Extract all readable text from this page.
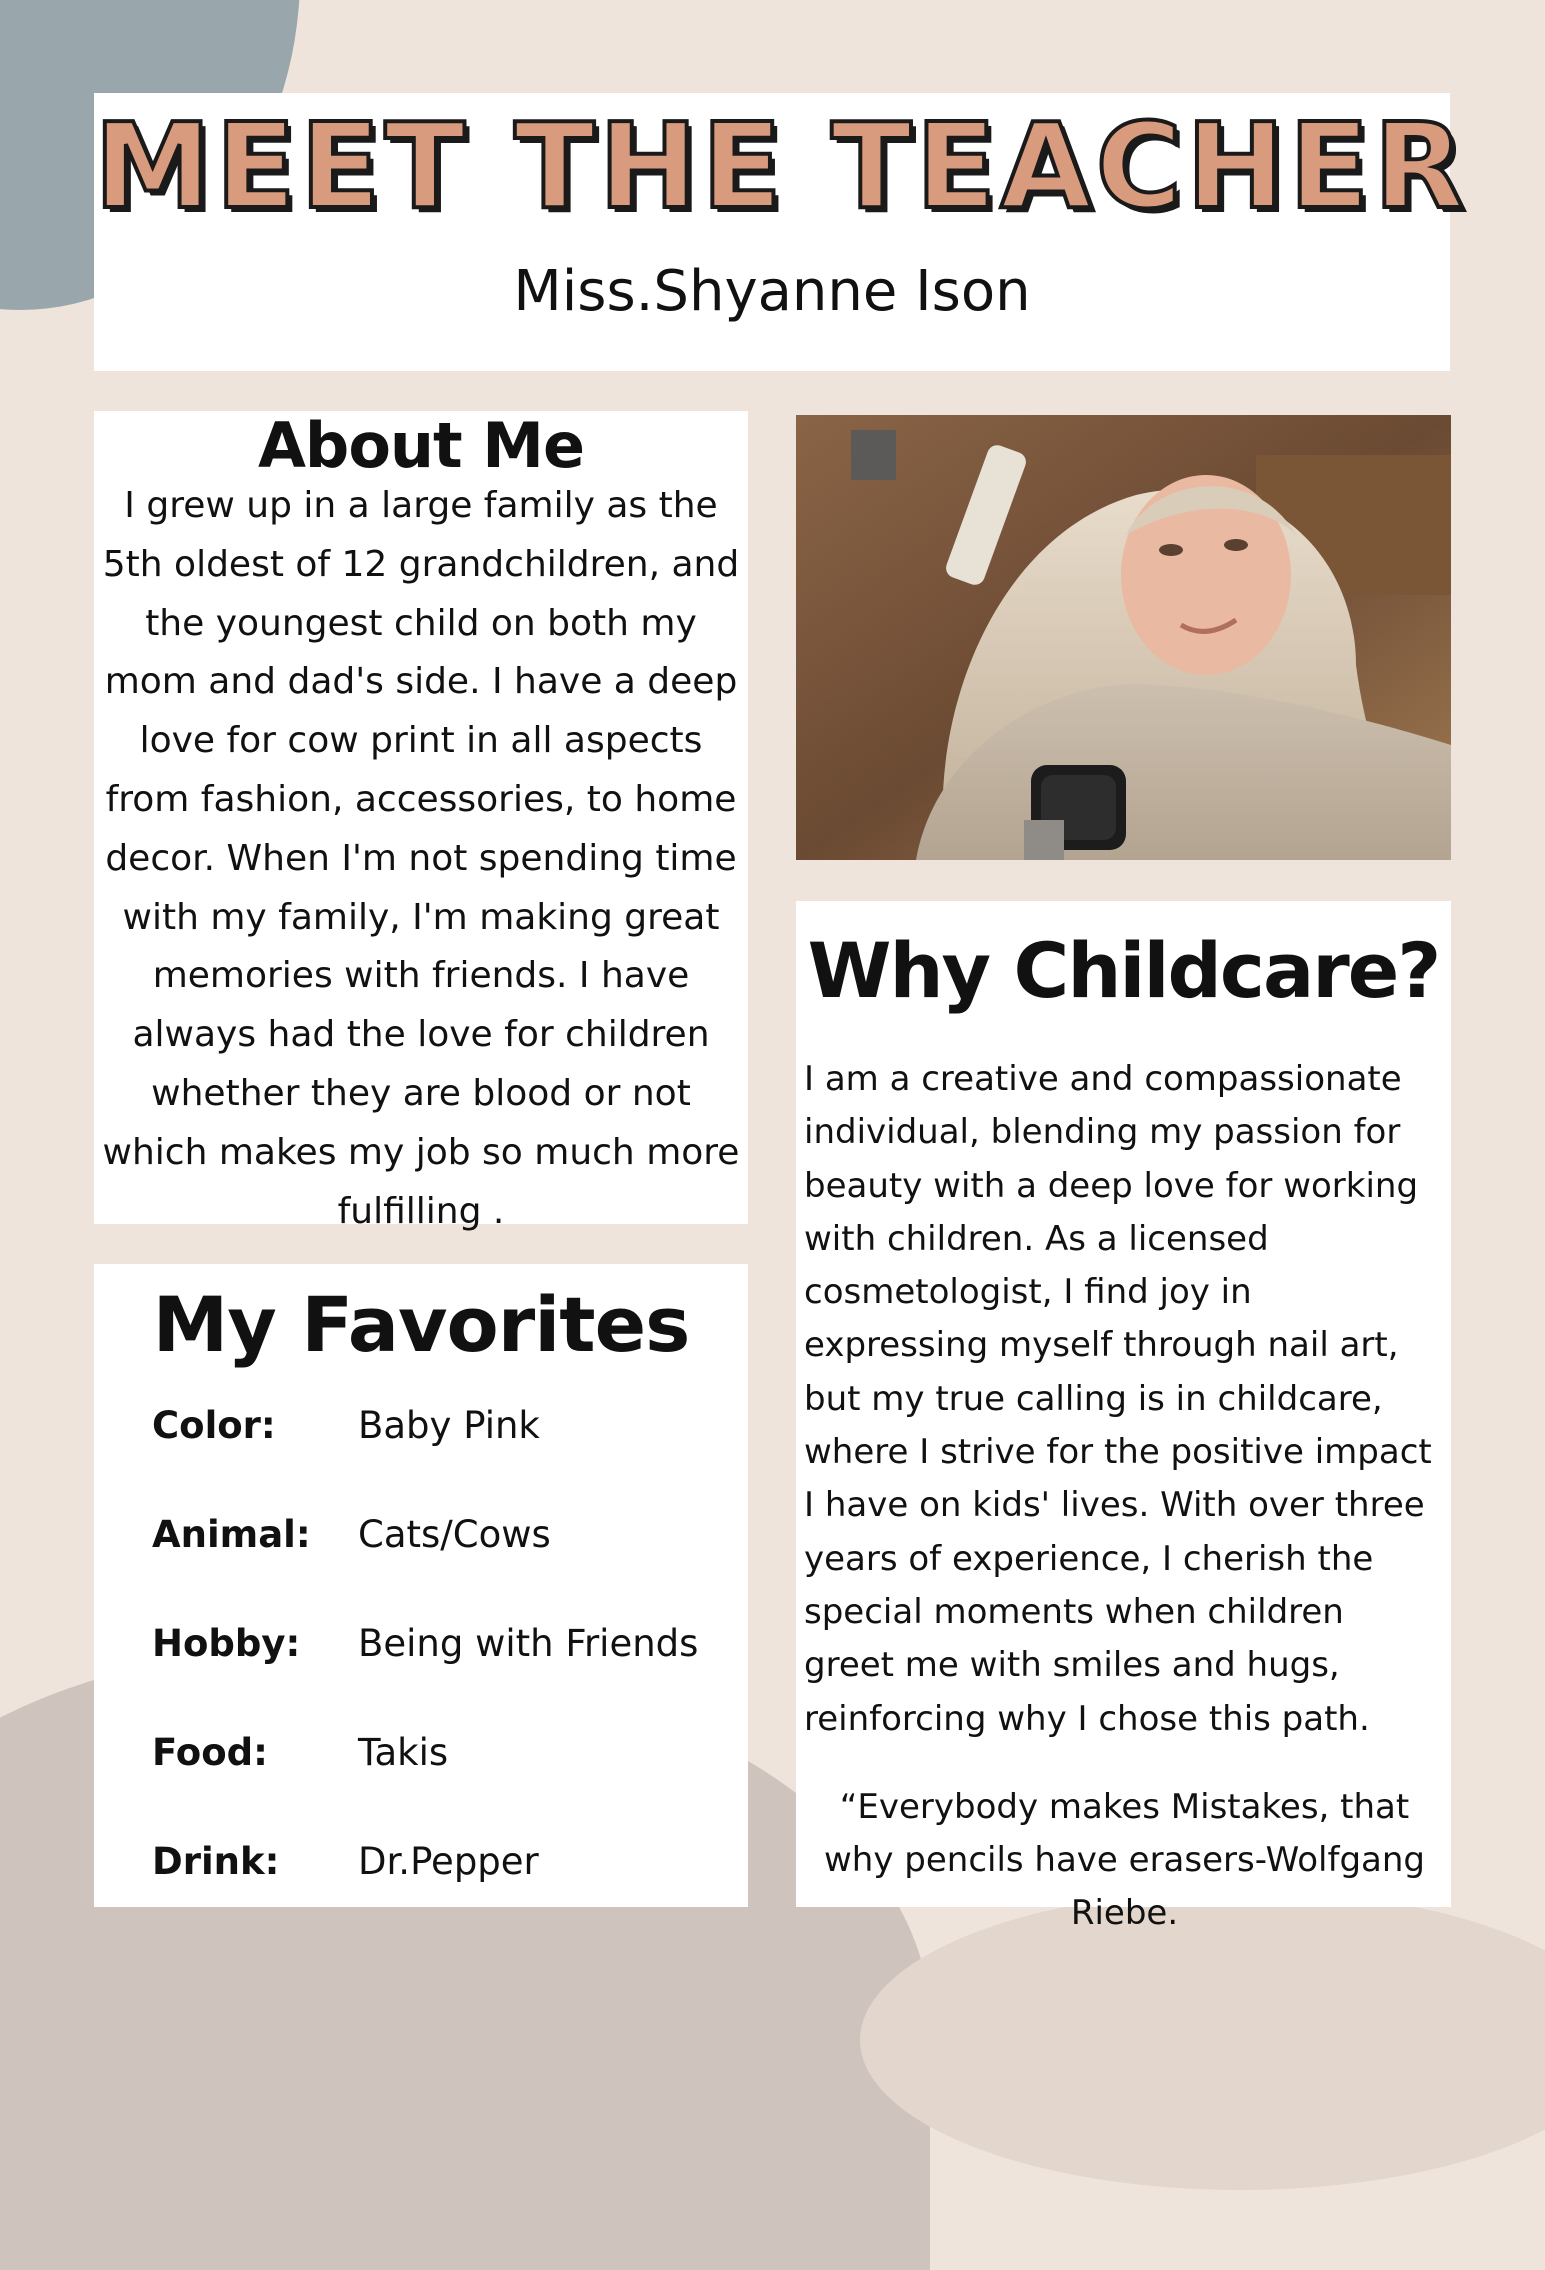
MEET THE TEACHER
Miss.Shyanne Ison
About Me

I grew up in a large family as the 5th oldest of 12 grandchildren, and the youngest child on both my mom and dad's side. I have a deep love for cow print in all aspects from fashion, accessories, to home decor. When I'm not spending time with my family, I'm making great memories with friends. I have always had the love for children whether they are blood or not which makes my job so much more fulfilling .

Why Childcare?

I am a creative and compassionate individual, blending my passion for beauty with a deep love for working with children. As a licensed cosmetologist, I find joy in expressing myself through nail art, but my true calling is in childcare, where I strive for the positive impact I have on kids' lives. With over three years of experience, I cherish the special moments when children greet me with smiles and hugs, reinforcing why I chose this path.

“Everybody makes Mistakes, that why pencils have erasers-Wolfgang Riebe.

My Favorites
Color: Baby Pink
Animal: Cats/Cows
Hobby: Being with Friends
Food: Takis
Drink: Dr.Pepper
